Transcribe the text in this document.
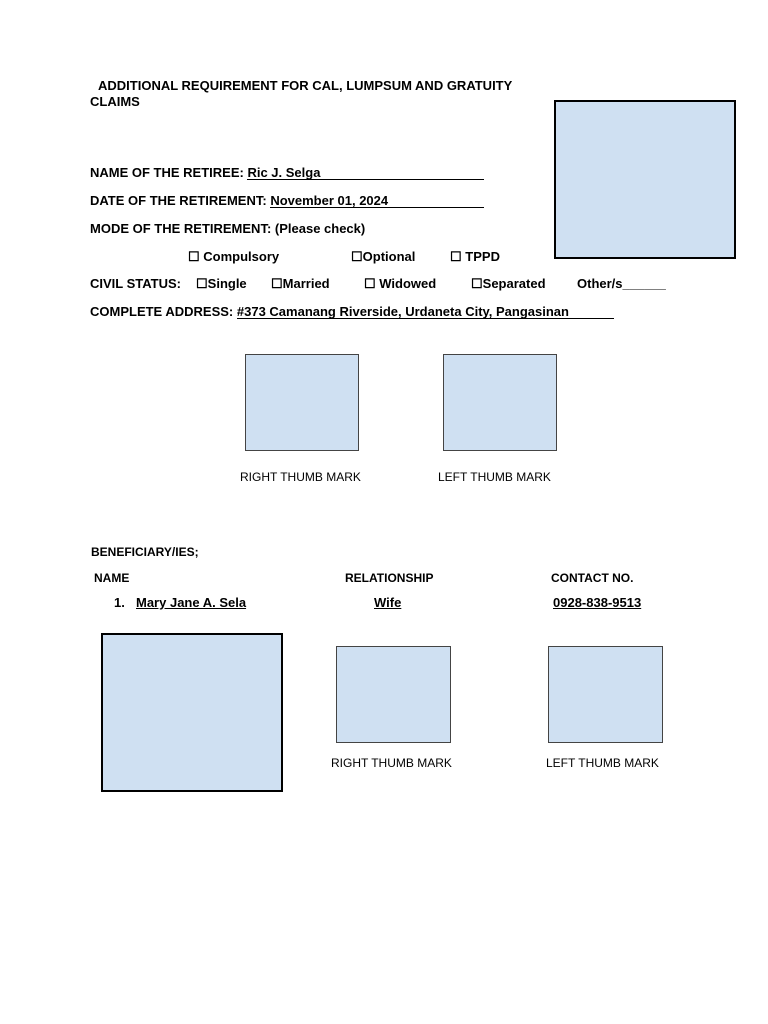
ADDITIONAL REQUIREMENT FOR CAL, LUMPSUM AND GRATUITY
CLAIMS
NAME OF THE RETIREE: Ric J. Selga
DATE OF THE RETIREMENT: November 01, 2024
MODE OF THE RETIREMENT: (Please check)
☐ Compulsory	☐Optional	☐ TPPD
CIVIL STATUS: ☐Single ☐Married	☐ Widowed	☐Separated Other/s______
COMPLETE ADDRESS: #373 Camanang Riverside, Urdaneta City, Pangasinan
RIGHT THUMB MARK	LEFT THUMB MARK
BENEFICIARY/IES;
NAME	RELATIONSHIP	CONTACT NO.
1. Mary Jane A. Sela	Wife	0928-838-9513
RIGHT THUMB MARK	LEFT THUMB MARK
